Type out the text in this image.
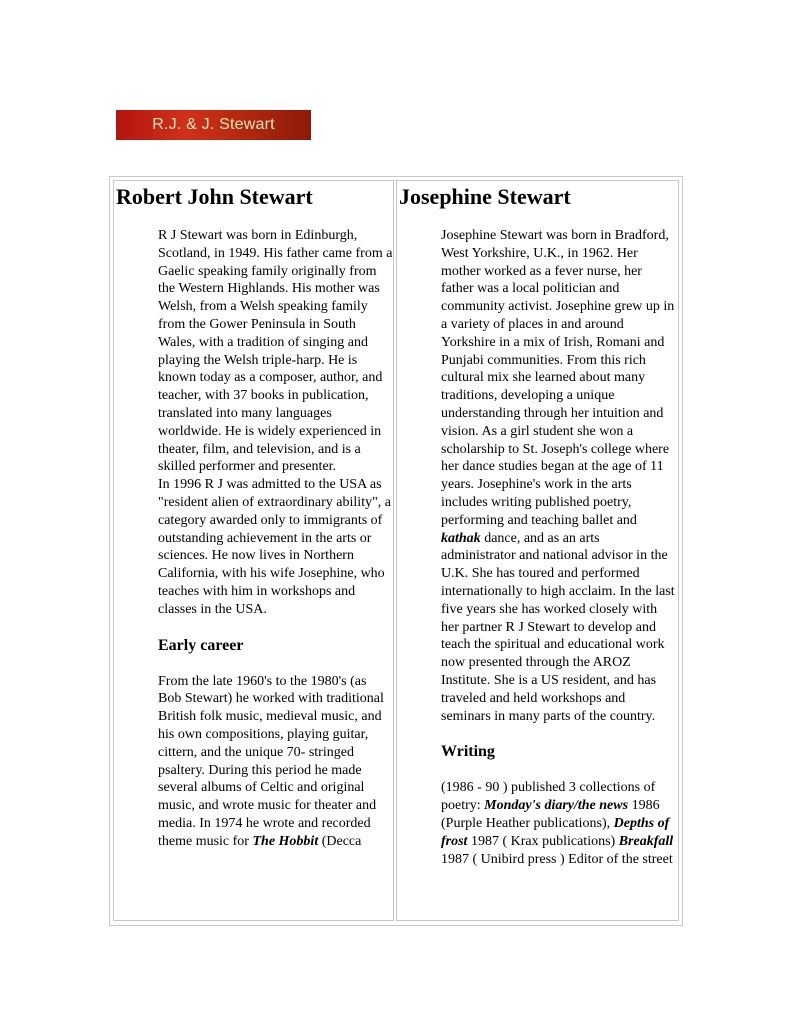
R.J. & J. Stewart
Robert John Stewart

R J Stewart was born in Edinburgh, Scotland, in 1949. His father came from a Gaelic speaking family originally from the Western Highlands. His mother was Welsh, from a Welsh speaking family from the Gower Peninsula in South Wales, with a tradition of singing and playing the Welsh triple-harp. He is known today as a composer, author, and teacher, with 37 books in publication, translated into many languages worldwide. He is widely experienced in theater, film, and television, and is a skilled performer and presenter.

In 1996 R J was admitted to the USA as "resident alien of extraordinary ability", a category awarded only to immigrants of outstanding achievement in the arts or sciences. He now lives in Northern California, with his wife Josephine, who teaches with him in workshops and classes in the USA.

Early career

From the late 1960's to the 1980's (as Bob Stewart) he worked with traditional British folk music, medieval music, and his own compositions, playing guitar, cittern, and the unique 70- stringed psaltery. During this period he made several albums of Celtic and original music, and wrote music for theater and media. In 1974 he wrote and recorded theme music for The Hobbit (Decca

Josephine Stewart

Josephine Stewart was born in Bradford, West Yorkshire, U.K., in 1962. Her mother worked as a fever nurse, her father was a local politician and community activist. Josephine grew up in a variety of places in and around Yorkshire in a mix of Irish, Romani and Punjabi communities. From this rich cultural mix she learned about many traditions, developing a unique understanding through her intuition and vision. As a girl student she won a scholarship to St. Joseph's college where her dance studies began at the age of 11 years. Josephine's work in the arts includes writing published poetry, performing and teaching ballet and kathak dance, and as an arts administrator and national advisor in the U.K. She has toured and performed internationally to high acclaim. In the last five years she has worked closely with her partner R J Stewart to develop and teach the spiritual and educational work now presented through the AROZ Institute. She is a US resident, and has traveled and held workshops and seminars in many parts of the country.

Writing

(1986 - 90 ) published 3 collections of poetry: Monday's diary/the news 1986 (Purple Heather publications), Depths of frost 1987 ( Krax publications) Breakfall 1987 ( Unibird press ) Editor of the street
